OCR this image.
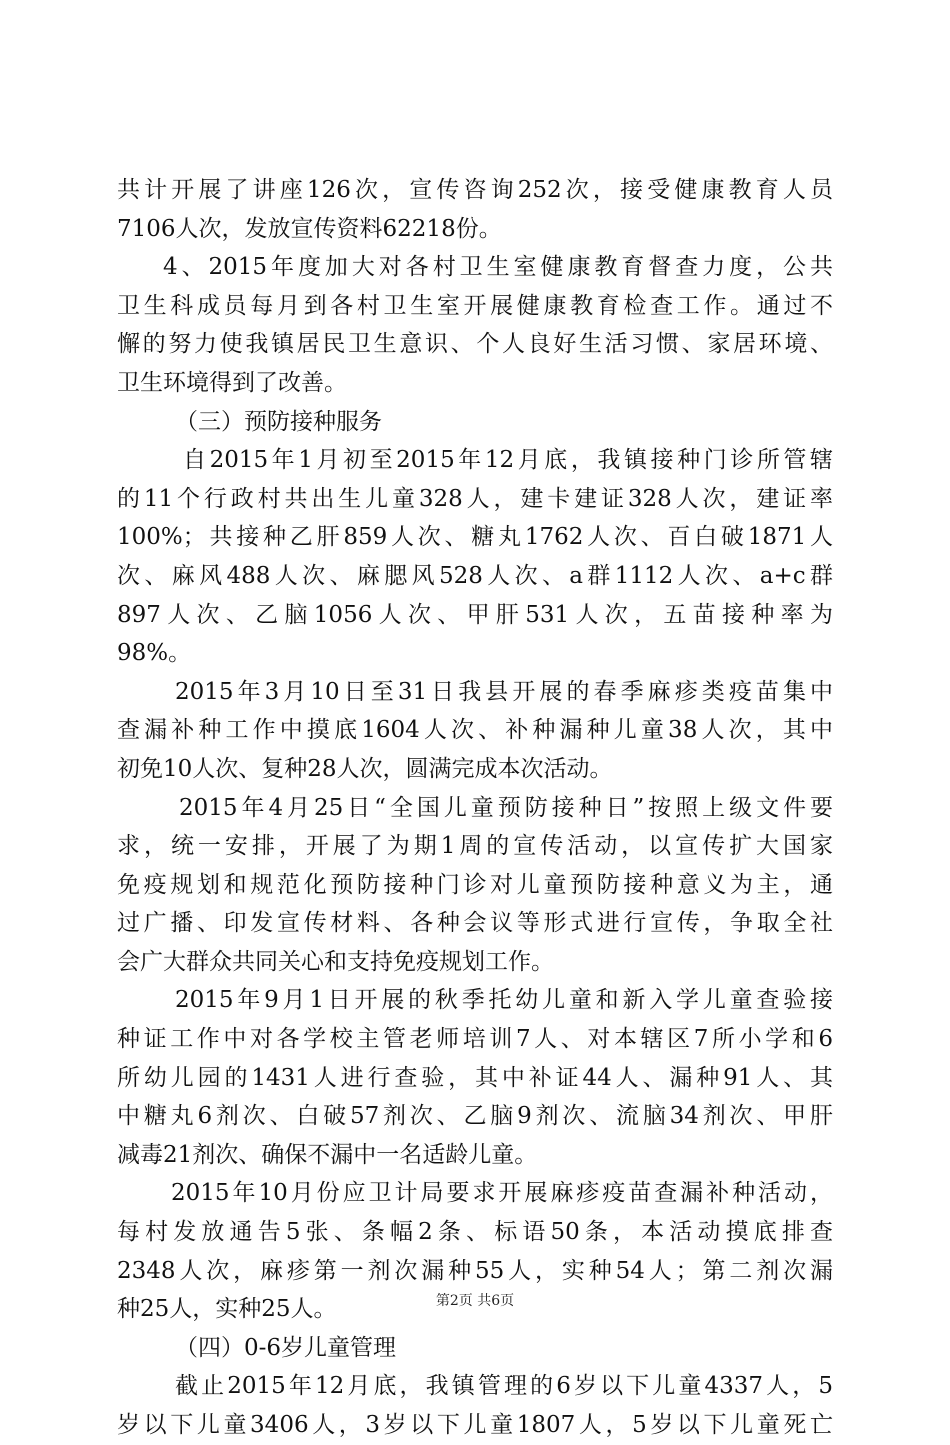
共计开展了讲座126次，宣传咨询252次，接受健康教育人员
7106人次，发放宣传资料62218份。
4、2015年度加大对各村卫生室健康教育督查力度，公共
卫生科成员每月到各村卫生室开展健康教育检查工作。通过不
懈的努力使我镇居民卫生意识、个人良好生活习惯、家居环境、
卫生环境得到了改善。
（三）预防接种服务
自2015年1月初至2015年12月底，我镇接种门诊所管辖
的11个行政村共出生儿童328人，建卡建证328人次，建证率
100%；共接种乙肝859人次、糖丸1762人次、百白破1871人
次、麻风488人次、麻腮风528人次、a群1112人次、a+c群
897人次、乙脑1056人次、甲肝531人次，五苗接种率为
98%。
2015年3月10日至31日我县开展的春季麻疹类疫苗集中
查漏补种工作中摸底1604人次、补种漏种儿童38人次，其中
初免10人次、复种28人次，圆满完成本次活动。
2015年4月25日“全国儿童预防接种日”按照上级文件要
求，统一安排，开展了为期1周的宣传活动，以宣传扩大国家
免疫规划和规范化预防接种门诊对儿童预防接种意义为主，通
过广播、印发宣传材料、各种会议等形式进行宣传，争取全社
会广大群众共同关心和支持免疫规划工作。
2015年9月1日开展的秋季托幼儿童和新入学儿童查验接
种证工作中对各学校主管老师培训7人、对本辖区7所小学和6
所幼儿园的1431人进行查验，其中补证44人、漏种91人、其
中糖丸6剂次、白破57剂次、乙脑9剂次、流脑34剂次、甲肝
减毒21剂次、确保不漏中一名适龄儿童。
2015年10月份应卫计局要求开展麻疹疫苗查漏补种活动，
每村发放通告5张、条幅2条、标语50条，本活动摸底排查
2348人次，麻疹第一剂次漏种55人，实种54人；第二剂次漏
种25人，实种25人。
（四）0-6岁儿童管理
截止2015年12月底，我镇管理的6岁以下儿童4337人，5
岁以下儿童3406人，3岁以下儿童1807人，5岁以下儿童死亡
第2页 共6页
